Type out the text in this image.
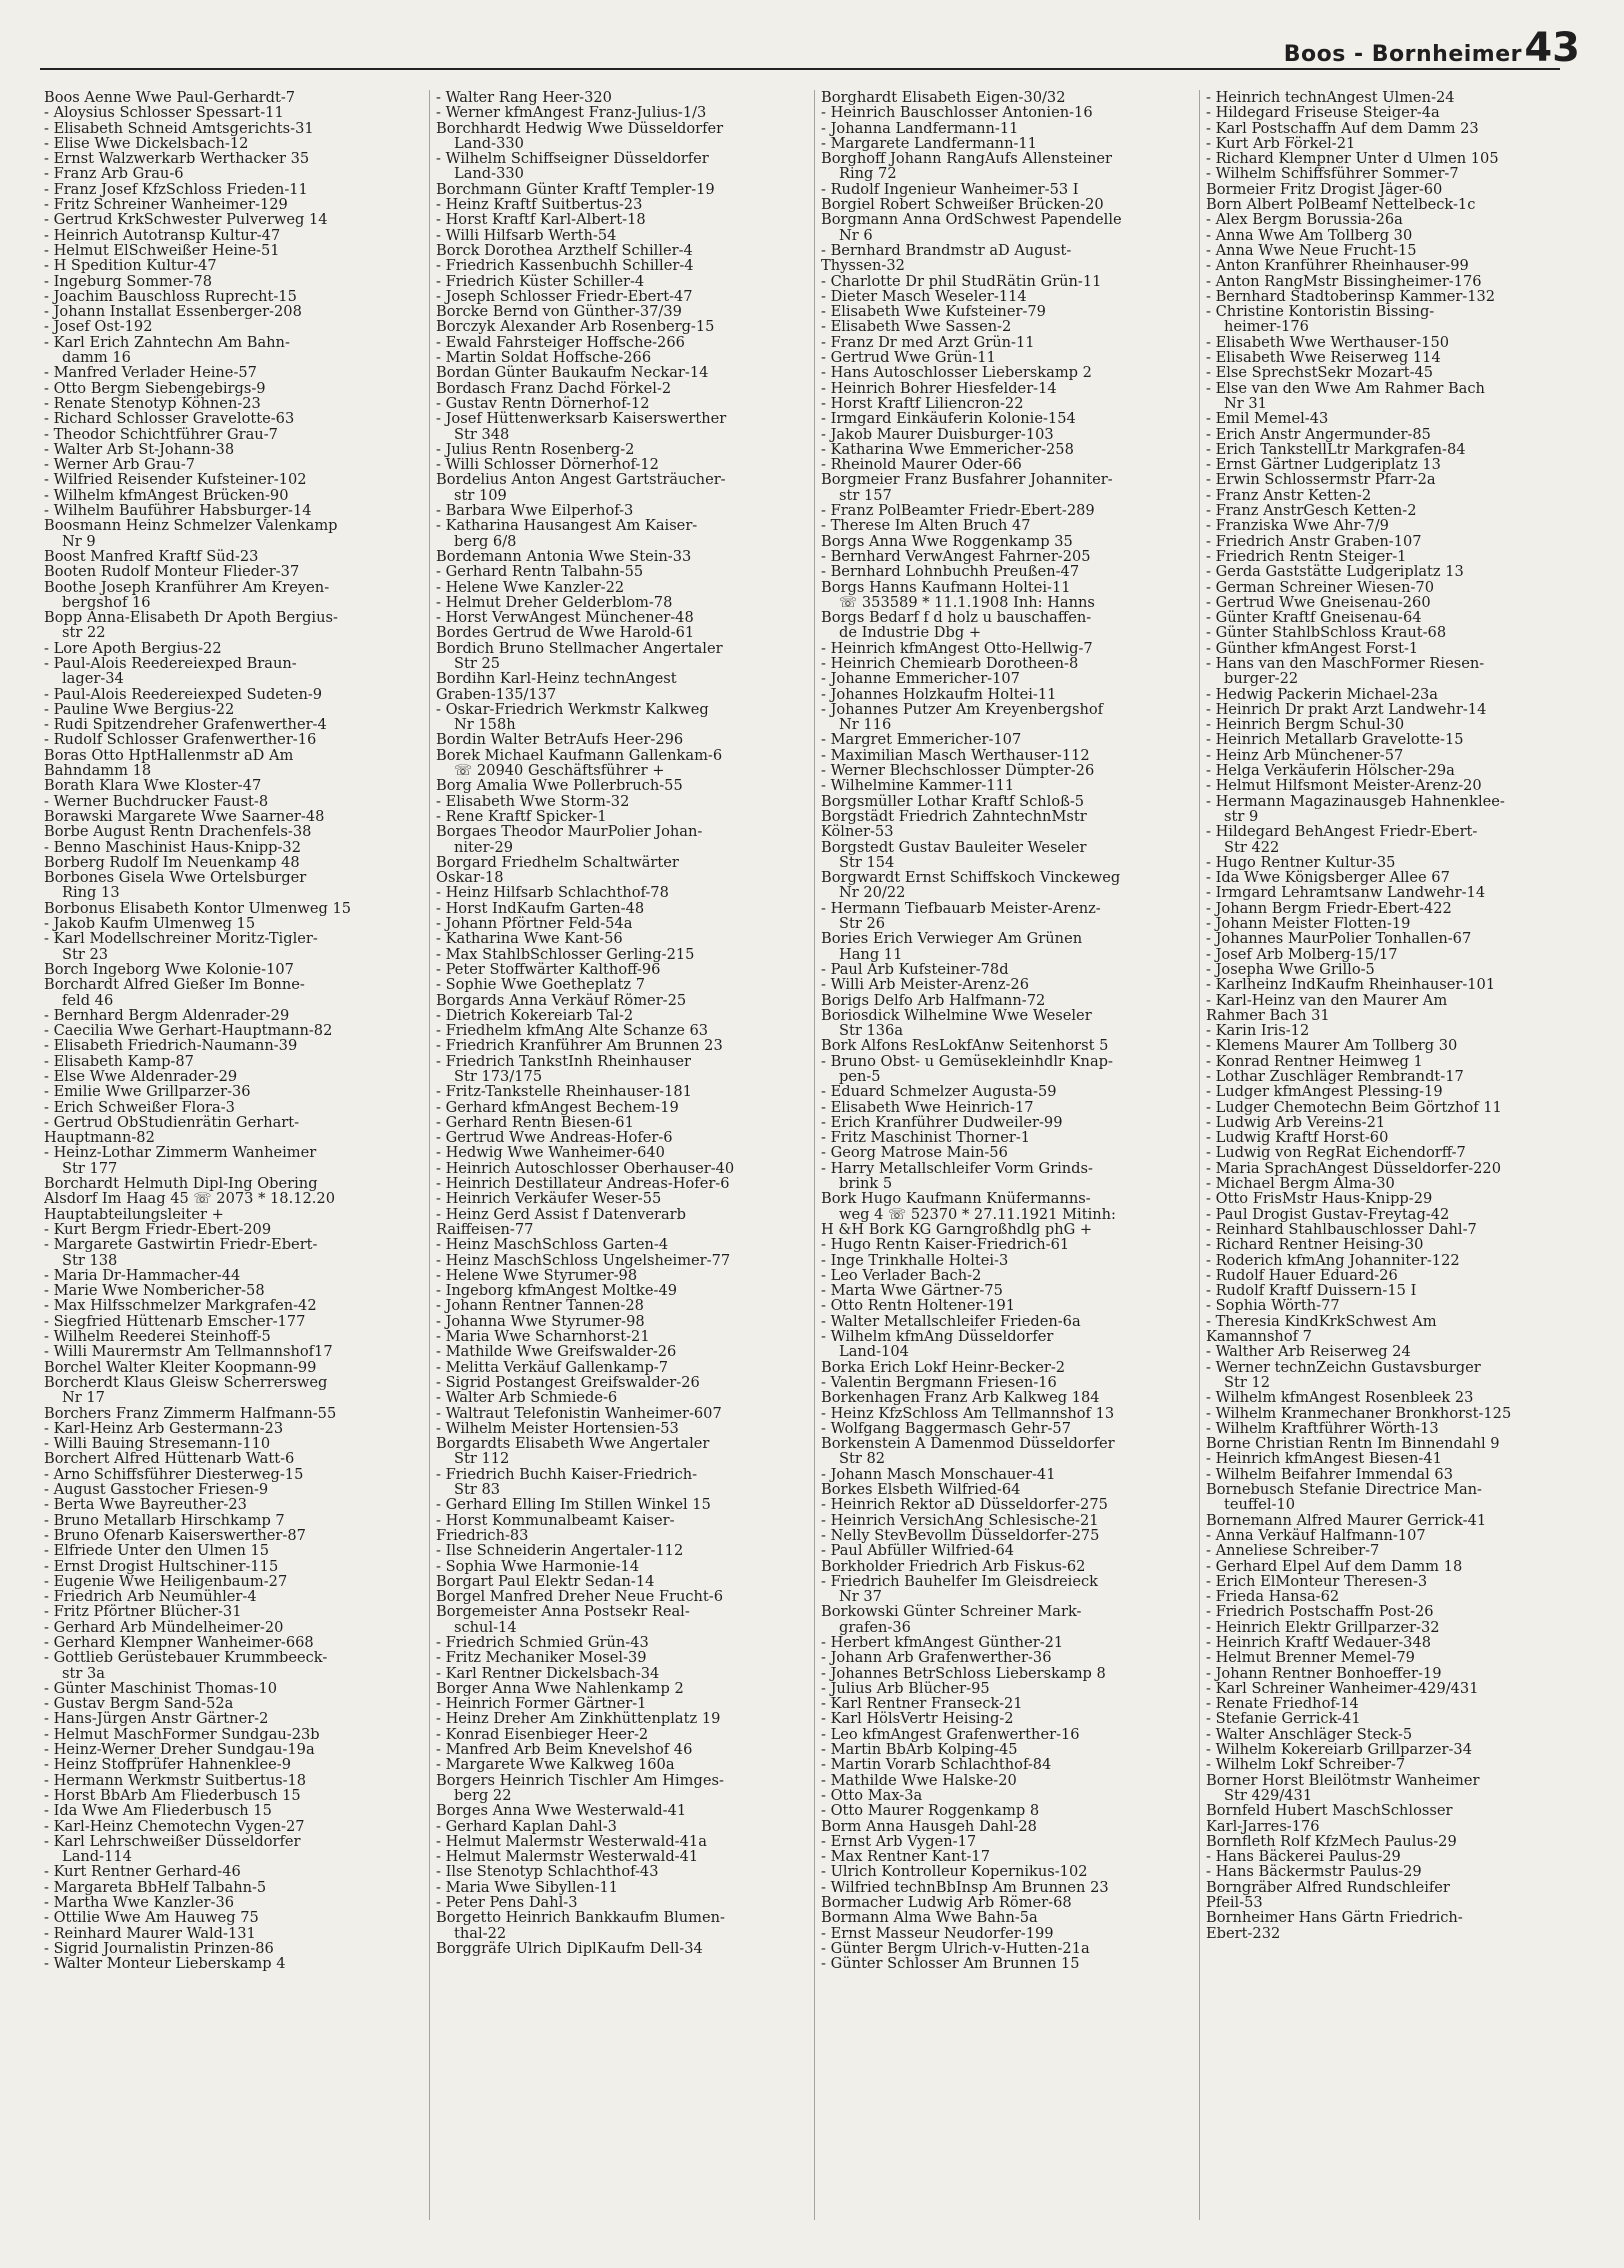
Boos - Bornheimer 43
Boos Aenne Wwe Paul-Gerhardt-7
- Aloysius Schlosser Spessart-11
- Elisabeth Schneid Amtsgerichts-31
- Elise Wwe Dickelsbach-12
- Ernst Walzwerkarb Werthacker 35
- Franz Arb Grau-6
- Franz Josef KfzSchloss Frieden-11
- Fritz Schreiner Wanheimer-129
- Gertrud KrkSchwester Pulverweg 14
- Heinrich Autotransp Kultur-47
- Helmut ElSchweißer Heine-51
- H Spedition Kultur-47
- Ingeburg Sommer-78
- Joachim Bauschloss Ruprecht-15
- Johann Installat Essenberger-208
- Josef Ost-192
- Karl Erich Zahntechn Am Bahn-
damm 16
- Manfred Verlader Heine-57
- Otto Bergm Siebengebirgs-9
- Renate Stenotyp Köhnen-23
- Richard Schlosser Gravelotte-63
- Theodor Schichtführer Grau-7
- Walter Arb St-Johann-38
- Werner Arb Grau-7
- Wilfried Reisender Kufsteiner-102
- Wilhelm kfmAngest Brücken-90
- Wilhelm Bauführer Habsburger-14
Boosmann Heinz Schmelzer Valenkamp
Nr 9
Boost Manfred Kraftf Süd-23
Booten Rudolf Monteur Flieder-37
Boothe Joseph Kranführer Am Kreyen-
bergshof 16
Bopp Anna-Elisabeth Dr Apoth Bergius-
str 22
- Lore Apoth Bergius-22
- Paul-Alois Reedereiexped Braun-
lager-34
- Paul-Alois Reedereiexped Sudeten-9
- Pauline Wwe Bergius-22
- Rudi Spitzendreher Grafenwerther-4
- Rudolf Schlosser Grafenwerther-16
Boras Otto HptHallenmstr aD Am
Bahndamm 18
Borath Klara Wwe Kloster-47
- Werner Buchdrucker Faust-8
Borawski Margarete Wwe Saarner-48
Borbe August Rentn Drachenfels-38
- Benno Maschinist Haus-Knipp-32
Borberg Rudolf Im Neuenkamp 48
Borbones Gisela Wwe Ortelsburger
Ring 13
Borbonus Elisabeth Kontor Ulmenweg 15
- Jakob Kaufm Ulmenweg 15
- Karl Modellschreiner Moritz-Tigler-
Str 23
Borch Ingeborg Wwe Kolonie-107
Borchardt Alfred Gießer Im Bonne-
feld 46
- Bernhard Bergm Aldenrader-29
- Caecilia Wwe Gerhart-Hauptmann-82
- Elisabeth Friedrich-Naumann-39
- Elisabeth Kamp-87
- Else Wwe Aldenrader-29
- Emilie Wwe Grillparzer-36
- Erich Schweißer Flora-3
- Gertrud ObStudienrätin Gerhart-
Hauptmann-82
- Heinz-Lothar Zimmerm Wanheimer
Str 177
Borchardt Helmuth Dipl-Ing Obering
Alsdorf Im Haag 45 ☏ 2073 * 18.12.20
Hauptabteilungsleiter +
- Kurt Bergm Friedr-Ebert-209
- Margarete Gastwirtin Friedr-Ebert-
Str 138
- Maria Dr-Hammacher-44
- Marie Wwe Nombericher-58
- Max Hilfsschmelzer Markgrafen-42
- Siegfried Hüttenarb Emscher-177
- Wilhelm Reederei Steinhoff-5
- Willi Maurermstr Am Tellmannshof17
Borchel Walter Kleiter Koopmann-99
Borcherdt Klaus Gleisw Scherrersweg
Nr 17
Borchers Franz Zimmerm Halfmann-55
- Karl-Heinz Arb Gestermann-23
- Willi Bauing Stresemann-110
Borchert Alfred Hüttenarb Watt-6
- Arno Schiffsführer Diesterweg-15
- August Gasstocher Friesen-9
- Berta Wwe Bayreuther-23
- Bruno Metallarb Hirschkamp 7
- Bruno Ofenarb Kaiserswerther-87
- Elfriede Unter den Ulmen 15
- Ernst Drogist Hultschiner-115
- Eugenie Wwe Heiligenbaum-27
- Friedrich Arb Neumühler-4
- Fritz Pförtner Blücher-31
- Gerhard Arb Mündelheimer-20
- Gerhard Klempner Wanheimer-668
- Gottlieb Gerüstebauer Krummbeeck-
str 3a
- Günter Maschinist Thomas-10
- Gustav Bergm Sand-52a
- Hans-Jürgen Anstr Gärtner-2
- Helmut MaschFormer Sundgau-23b
- Heinz-Werner Dreher Sundgau-19a
- Heinz Stoffprüfer Hahnenklee-9
- Hermann Werkmstr Suitbertus-18
- Horst BbArb Am Fliederbusch 15
- Ida Wwe Am Fliederbusch 15
- Karl-Heinz Chemotechn Vygen-27
- Karl Lehrschweißer Düsseldorfer
Land-114
- Kurt Rentner Gerhard-46
- Margareta BbHelf Talbahn-5
- Martha Wwe Kanzler-36
- Ottilie Wwe Am Hauweg 75
- Reinhard Maurer Wald-131
- Sigrid Journalistin Prinzen-86
- Walter Monteur Lieberskamp 4
- Walter Rang Heer-320
- Werner kfmAngest Franz-Julius-1/3
Borchhardt Hedwig Wwe Düsseldorfer
Land-330
- Wilhelm Schiffseigner Düsseldorfer
Land-330
Borchmann Günter Kraftf Templer-19
- Heinz Kraftf Suitbertus-23
- Horst Kraftf Karl-Albert-18
- Willi Hilfsarb Werth-54
Borck Dorothea Arzthelf Schiller-4
- Friedrich Kassenbuchh Schiller-4
- Friedrich Küster Schiller-4
- Joseph Schlosser Friedr-Ebert-47
Borcke Bernd von Günther-37/39
Borczyk Alexander Arb Rosenberg-15
- Ewald Fahrsteiger Hoffsche-266
- Martin Soldat Hoffsche-266
Bordan Günter Baukaufm Neckar-14
Bordasch Franz Dachd Förkel-2
- Gustav Rentn Dörnerhof-12
- Josef Hüttenwerksarb Kaiserswerther
Str 348
- Julius Rentn Rosenberg-2
- Willi Schlosser Dörnerhof-12
Bordelius Anton Angest Gartsträucher-
str 109
- Barbara Wwe Eilperhof-3
- Katharina Hausangest Am Kaiser-
berg 6/8
Bordemann Antonia Wwe Stein-33
- Gerhard Rentn Talbahn-55
- Helene Wwe Kanzler-22
- Helmut Dreher Gelderblom-78
- Horst VerwAngest Münchener-48
Bordes Gertrud de Wwe Harold-61
Bordich Bruno Stellmacher Angertaler
Str 25
Bordihn Karl-Heinz technAngest
Graben-135/137
- Oskar-Friedrich Werkmstr Kalkweg
Nr 158h
Bordin Walter BetrAufs Heer-296
Borek Michael Kaufmann Gallenkam-6
☏ 20940 Geschäftsführer +
Borg Amalia Wwe Pollerbruch-55
- Elisabeth Wwe Storm-32
- Rene Kraftf Spicker-1
Borgaes Theodor MaurPolier Johan-
niter-29
Borgard Friedhelm Schaltwärter
Oskar-18
- Heinz Hilfsarb Schlachthof-78
- Horst IndKaufm Garten-48
- Johann Pförtner Feld-54a
- Katharina Wwe Kant-56
- Max StahlbSchlosser Gerling-215
- Peter Stoffwärter Kalthoff-96
- Sophie Wwe Goetheplatz 7
Borgards Anna Verkäuf Römer-25
- Dietrich Kokereiarb Tal-2
- Friedhelm kfmAng Alte Schanze 63
- Friedrich Kranführer Am Brunnen 23
- Friedrich TankstInh Rheinhauser
Str 173/175
- Fritz-Tankstelle Rheinhauser-181
- Gerhard kfmAngest Bechem-19
- Gerhard Rentn Biesen-61
- Gertrud Wwe Andreas-Hofer-6
- Hedwig Wwe Wanheimer-640
- Heinrich Autoschlosser Oberhauser-40
- Heinrich Destillateur Andreas-Hofer-6
- Heinrich Verkäufer Weser-55
- Heinz Gerd Assist f Datenverarb
Raiffeisen-77
- Heinz MaschSchloss Garten-4
- Heinz MaschSchloss Ungelsheimer-77
- Helene Wwe Styrumer-98
- Ingeborg kfmAngest Moltke-49
- Johann Rentner Tannen-28
- Johanna Wwe Styrumer-98
- Maria Wwe Scharnhorst-21
- Mathilde Wwe Greifswalder-26
- Melitta Verkäuf Gallenkamp-7
- Sigrid Postangest Greifswalder-26
- Walter Arb Schmiede-6
- Waltraut Telefonistin Wanheimer-607
- Wilhelm Meister Hortensien-53
Borgardts Elisabeth Wwe Angertaler
Str 112
- Friedrich Buchh Kaiser-Friedrich-
Str 83
- Gerhard Elling Im Stillen Winkel 15
- Horst Kommunalbeamt Kaiser-
Friedrich-83
- Ilse Schneiderin Angertaler-112
- Sophia Wwe Harmonie-14
Borgart Paul Elektr Sedan-14
Borgel Manfred Dreher Neue Frucht-6
Borgemeister Anna Postsekr Real-
schul-14
- Friedrich Schmied Grün-43
- Fritz Mechaniker Mosel-39
- Karl Rentner Dickelsbach-34
Borger Anna Wwe Nahlenkamp 2
- Heinrich Former Gärtner-1
- Heinz Dreher Am Zinkhüttenplatz 19
- Konrad Eisenbieger Heer-2
- Manfred Arb Beim Knevelshof 46
- Margarete Wwe Kalkweg 160a
Borgers Heinrich Tischler Am Himges-
berg 22
Borges Anna Wwe Westerwald-41
- Gerhard Kaplan Dahl-3
- Helmut Malermstr Westerwald-41a
- Helmut Malermstr Westerwald-41
- Ilse Stenotyp Schlachthof-43
- Maria Wwe Sibyllen-11
- Peter Pens Dahl-3
Borgetto Heinrich Bankkaufm Blumen-
thal-22
Borggräfe Ulrich DiplKaufm Dell-34
Borghardt Elisabeth Eigen-30/32
- Heinrich Bauschlosser Antonien-16
- Johanna Landfermann-11
- Margarete Landfermann-11
Borghoff Johann RangAufs Allensteiner
Ring 72
- Rudolf Ingenieur Wanheimer-53 I
Borgiel Robert Schweißer Brücken-20
Borgmann Anna OrdSchwest Papendelle
Nr 6
- Bernhard Brandmstr aD August-
Thyssen-32
- Charlotte Dr phil StudRätin Grün-11
- Dieter Masch Weseler-114
- Elisabeth Wwe Kufsteiner-79
- Elisabeth Wwe Sassen-2
- Franz Dr med Arzt Grün-11
- Gertrud Wwe Grün-11
- Hans Autoschlosser Lieberskamp 2
- Heinrich Bohrer Hiesfelder-14
- Horst Kraftf Liliencron-22
- Irmgard Einkäuferin Kolonie-154
- Jakob Maurer Duisburger-103
- Katharina Wwe Emmericher-258
- Rheinold Maurer Oder-66
Borgmeier Franz Busfahrer Johanniter-
str 157
- Franz PolBeamter Friedr-Ebert-289
- Therese Im Alten Bruch 47
Borgs Anna Wwe Roggenkamp 35
- Bernhard VerwAngest Fahrner-205
- Bernhard Lohnbuchh Preußen-47
Borgs Hanns Kaufmann Holtei-11
☏ 353589 * 11.1.1908 Inh: Hanns
Borgs Bedarf f d holz u bauschaffen-
de Industrie Dbg +
- Heinrich kfmAngest Otto-Hellwig-7
- Heinrich Chemiearb Dorotheen-8
- Johanne Emmericher-107
- Johannes Holzkaufm Holtei-11
- Johannes Putzer Am Kreyenbergshof
Nr 116
- Margret Emmericher-107
- Maximilian Masch Werthauser-112
- Werner Blechschlosser Dümpter-26
- Wilhelmine Kammer-111
Borgsmüller Lothar Kraftf Schloß-5
Borgstädt Friedrich ZahntechnMstr
Kölner-53
Borgstedt Gustav Bauleiter Weseler
Str 154
Borgwardt Ernst Schiffskoch Vinckeweg
Nr 20/22
- Hermann Tiefbauarb Meister-Arenz-
Str 26
Bories Erich Verwieger Am Grünen
Hang 11
- Paul Arb Kufsteiner-78d
- Willi Arb Meister-Arenz-26
Borigs Delfo Arb Halfmann-72
Boriosdick Wilhelmine Wwe Weseler
Str 136a
Bork Alfons ResLokfAnw Seitenhorst 5
- Bruno Obst- u Gemüsekleinhdlr Knap-
pen-5
- Eduard Schmelzer Augusta-59
- Elisabeth Wwe Heinrich-17
- Erich Kranführer Dudweiler-99
- Fritz Maschinist Thorner-1
- Georg Matrose Main-56
- Harry Metallschleifer Vorm Grinds-
brink 5
Bork Hugo Kaufmann Knüfermanns-
weg 4 ☏ 52370 * 27.11.1921 Mitinh:
H &H Bork KG Garngroßhdlg phG +
- Hugo Rentn Kaiser-Friedrich-61
- Inge Trinkhalle Holtei-3
- Leo Verlader Bach-2
- Marta Wwe Gärtner-75
- Otto Rentn Holtener-191
- Walter Metallschleifer Frieden-6a
- Wilhelm kfmAng Düsseldorfer
Land-104
Borka Erich Lokf Heinr-Becker-2
- Valentin Bergmann Friesen-16
Borkenhagen Franz Arb Kalkweg 184
- Heinz KfzSchloss Am Tellmannshof 13
- Wolfgang Baggermasch Gehr-57
Borkenstein A Damenmod Düsseldorfer
Str 82
- Johann Masch Monschauer-41
Borkes Elsbeth Wilfried-64
- Heinrich Rektor aD Düsseldorfer-275
- Heinrich VersichAng Schlesische-21
- Nelly StevBevollm Düsseldorfer-275
- Paul Abfüller Wilfried-64
Borkholder Friedrich Arb Fiskus-62
- Friedrich Bauhelfer Im Gleisdreieck
Nr 37
Borkowski Günter Schreiner Mark-
grafen-36
- Herbert kfmAngest Günther-21
- Johann Arb Grafenwerther-36
- Johannes BetrSchloss Lieberskamp 8
- Julius Arb Blücher-95
- Karl Rentner Franseck-21
- Karl HölsVertr Heising-2
- Leo kfmAngest Grafenwerther-16
- Martin BbArb Kolping-45
- Martin Vorarb Schlachthof-84
- Mathilde Wwe Halske-20
- Otto Max-3a
- Otto Maurer Roggenkamp 8
Borm Anna Hausgeh Dahl-28
- Ernst Arb Vygen-17
- Max Rentner Kant-17
- Ulrich Kontrolleur Kopernikus-102
- Wilfried technBbInsp Am Brunnen 23
Bormacher Ludwig Arb Römer-68
Bormann Alma Wwe Bahn-5a
- Ernst Masseur Neudorfer-199
- Günter Bergm Ulrich-v-Hutten-21a
- Günter Schlosser Am Brunnen 15
- Heinrich technAngest Ulmen-24
- Hildegard Friseuse Steiger-4a
- Karl Postschaffn Auf dem Damm 23
- Kurt Arb Förkel-21
- Richard Klempner Unter d Ulmen 105
- Wilhelm Schiffsführer Sommer-7
Bormeier Fritz Drogist Jäger-60
Born Albert PolBeamf Nettelbeck-1c
- Alex Bergm Borussia-26a
- Anna Wwe Am Tollberg 30
- Anna Wwe Neue Frucht-15
- Anton Kranführer Rheinhauser-99
- Anton RangMstr Bissingheimer-176
- Bernhard Stadtoberinsp Kammer-132
- Christine Kontoristin Bissing-
heimer-176
- Elisabeth Wwe Werthauser-150
- Elisabeth Wwe Reiserweg 114
- Else SprechstSekr Mozart-45
- Else van den Wwe Am Rahmer Bach
Nr 31
- Emil Memel-43
- Erich Anstr Angermunder-85
- Erich TankstellLtr Markgrafen-84
- Ernst Gärtner Ludgeriplatz 13
- Erwin Schlossermstr Pfarr-2a
- Franz Anstr Ketten-2
- Franz AnstrGesch Ketten-2
- Franziska Wwe Ahr-7/9
- Friedrich Anstr Graben-107
- Friedrich Rentn Steiger-1
- Gerda Gaststätte Ludgeriplatz 13
- German Schreiner Wiesen-70
- Gertrud Wwe Gneisenau-260
- Günter Kraftf Gneisenau-64
- Günter StahlbSchloss Kraut-68
- Günther kfmAngest Forst-1
- Hans van den MaschFormer Riesen-
burger-22
- Hedwig Packerin Michael-23a
- Heinrich Dr prakt Arzt Landwehr-14
- Heinrich Bergm Schul-30
- Heinrich Metallarb Gravelotte-15
- Heinz Arb Münchener-57
- Helga Verkäuferin Hölscher-29a
- Helmut Hilfsmont Meister-Arenz-20
- Hermann Magazinausgeb Hahnenklee-
str 9
- Hildegard BehAngest Friedr-Ebert-
Str 422
- Hugo Rentner Kultur-35
- Ida Wwe Königsberger Allee 67
- Irmgard Lehramtsanw Landwehr-14
- Johann Bergm Friedr-Ebert-422
- Johann Meister Flotten-19
- Johannes MaurPolier Tonhallen-67
- Josef Arb Molberg-15/17
- Josepha Wwe Grillo-5
- Karlheinz IndKaufm Rheinhauser-101
- Karl-Heinz van den Maurer Am
Rahmer Bach 31
- Karin Iris-12
- Klemens Maurer Am Tollberg 30
- Konrad Rentner Heimweg 1
- Lothar Zuschläger Rembrandt-17
- Ludger kfmAngest Plessing-19
- Ludger Chemotechn Beim Görtzhof 11
- Ludwig Arb Vereins-21
- Ludwig Kraftf Horst-60
- Ludwig von RegRat Eichendorff-7
- Maria SprachAngest Düsseldorfer-220
- Michael Bergm Alma-30
- Otto FrisMstr Haus-Knipp-29
- Paul Drogist Gustav-Freytag-42
- Reinhard Stahlbauschlosser Dahl-7
- Richard Rentner Heising-30
- Roderich kfmAng Johanniter-122
- Rudolf Hauer Eduard-26
- Rudolf Kraftf Duissern-15 I
- Sophia Wörth-77
- Theresia KindKrkSchwest Am
Kamannshof 7
- Walther Arb Reiserweg 24
- Werner technZeichn Gustavsburger
Str 12
- Wilhelm kfmAngest Rosenbleek 23
- Wilhelm Kranmechaner Bronkhorst-125
- Wilhelm Kraftführer Wörth-13
Borne Christian Rentn Im Binnendahl 9
- Heinrich kfmAngest Biesen-41
- Wilhelm Beifahrer Immendal 63
Bornebusch Stefanie Directrice Man-
teuffel-10
Bornemann Alfred Maurer Gerrick-41
- Anna Verkäuf Halfmann-107
- Anneliese Schreiber-7
- Gerhard Elpel Auf dem Damm 18
- Erich ElMonteur Theresen-3
- Frieda Hansa-62
- Friedrich Postschaffn Post-26
- Heinrich Elektr Grillparzer-32
- Heinrich Kraftf Wedauer-348
- Helmut Brenner Memel-79
- Johann Rentner Bonhoeffer-19
- Karl Schreiner Wanheimer-429/431
- Renate Friedhof-14
- Stefanie Gerrick-41
- Walter Anschläger Steck-5
- Wilhelm Kokereiarb Grillparzer-34
- Wilhelm Lokf Schreiber-7
Borner Horst Bleilötmstr Wanheimer
Str 429/431
Bornfeld Hubert MaschSchlosser
Karl-Jarres-176
Bornfleth Rolf KfzMech Paulus-29
- Hans Bäckerei Paulus-29
- Hans Bäckermstr Paulus-29
Borngräber Alfred Rundschleifer
Pfeil-53
Bornheimer Hans Gärtn Friedrich-
Ebert-232
